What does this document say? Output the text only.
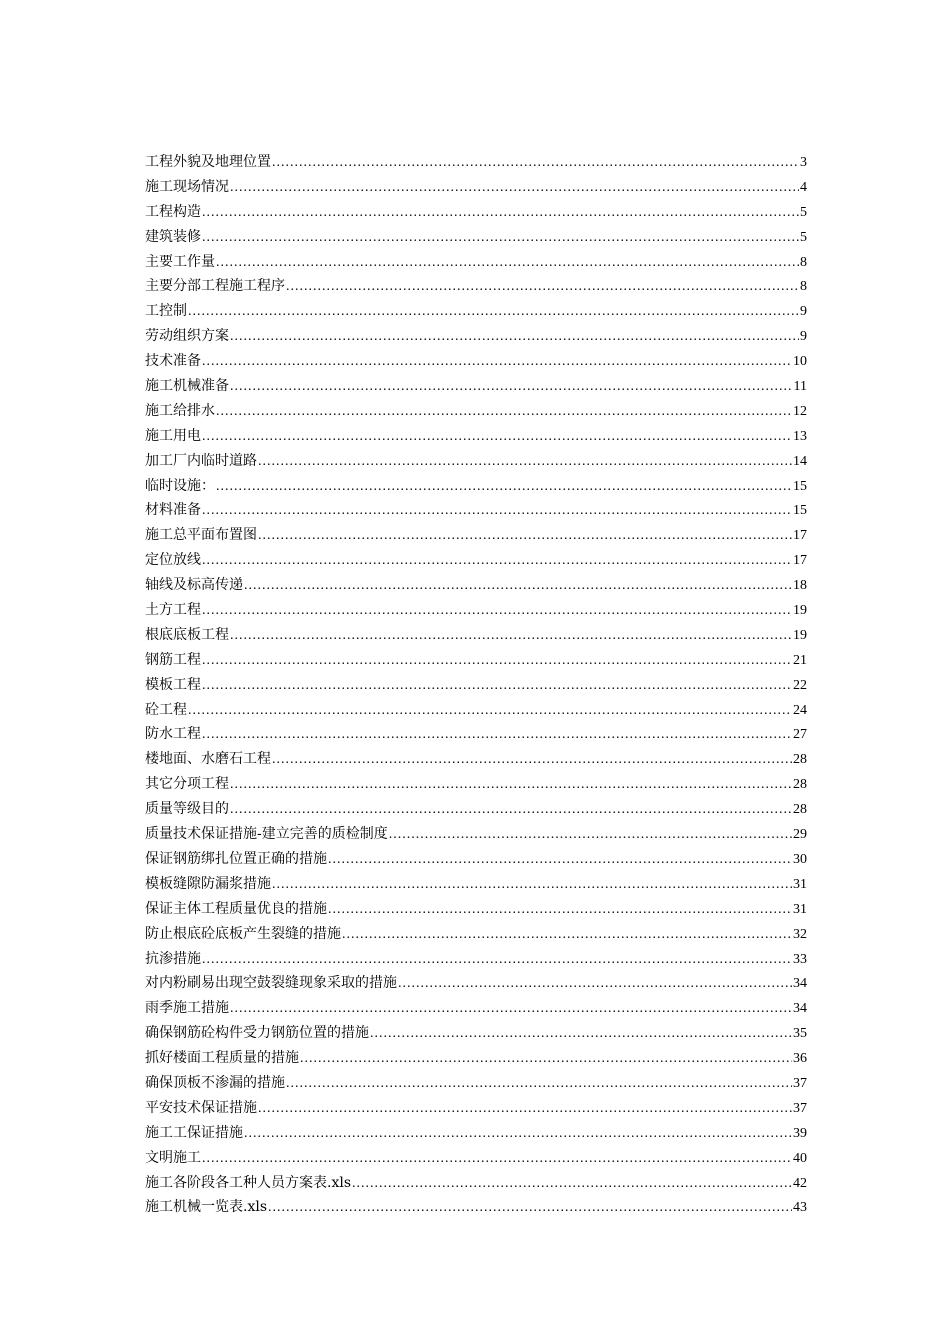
工程外貌及地理位置 .....	3
施工现场情况 .....	4
工程构造 .....	5
建筑装修 .....	5
主要工作量 .....	8
主要分部工程施工程序 .....	8
工控制 .....	9
劳动组织方案 .....	9
技术准备 .....	10
施工机械准备 .....	11
施工给排水 .....	12
施工用电 .....	13
加工厂内临时道路 .....	14
临时设施： .....	15
材料准备 .....	15
施工总平面布置图 .....	17
定位放线 .....	17
轴线及标高传递 .....	18
土方工程 .....	19
根底底板工程 .....	19
钢筋工程 .....	21
模板工程 .....	22
砼工程 .....	24
防水工程 .....	27
楼地面、水磨石工程 .....	28
其它分项工程 .....	28
质量等级目的 .....	28
质量技术保证措施-建立完善的质检制度 .....	29
保证钢筋绑扎位置正确的措施 .....	30
模板缝隙防漏浆措施 .....	31
保证主体工程质量优良的措施 .....	31
防止根底砼底板产生裂缝的措施 .....	32
抗渗措施 .....	33
对内粉刷易出现空鼓裂缝现象采取的措施 .....	34
雨季施工措施 .....	34
确保钢筋砼构件受力钢筋位置的措施 .....	35
抓好楼面工程质量的措施 .....	36
确保顶板不渗漏的措施 .....	37
平安技术保证措施 .....	37
施工工保证措施 .....	39
文明施工 .....	40
施工各阶段各工种人员方案表.xls .....	42
施工机械一览表.xls .....	43
